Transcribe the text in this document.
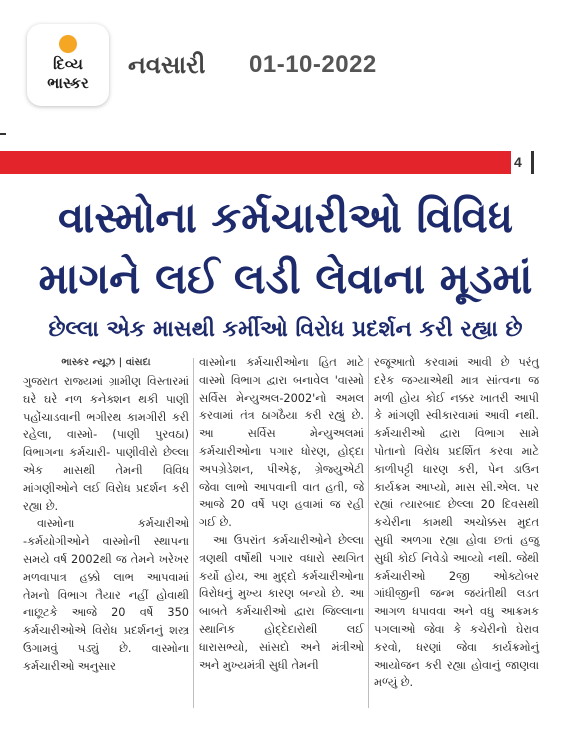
દિવ્ય
ભાસ્કર
નવસારી 01-10-2022
4
વાસ્મોના કર્મચારીઓ વિવિધ
માગને લઈ લડી લેવાના મૂડમાં
છેલ્લા એક માસથી કર્મીઓ વિરોધ પ્રદર્શન કરી રહ્યા છે

ભાસ્કર ન્યૂઝ | વાંસદા

ગુજરાત રાજ્યમાં ગ્રામીણ વિસ્તારમાં ઘરે ઘરે નળ કનેક્શન થકી પાણી પહોંચાડવાની ભગીરથ કામગીરી કરી રહેલા, વાસ્મો- (પાણી પુરવઠા) વિભાગના કર્મચારી- પાણીવીરો છેલ્લા એક માસથી તેમની વિવિધ માંગણીઓને લઈ વિરોધ પ્રદર્શન કરી રહ્યા છે.

વાસ્મોના કર્મચારીઓ -કર્મયોગીઓને વાસ્મોની સ્થાપના સમયે વર્ષ 2002થી જ તેમને ખરેખર મળવાપાત્ર હક્કો લાભ આપવામાં તેમનો વિભાગ તૈયાર નહીં હોવાથી નાછૂટકે આજે 20 વર્ષે 350 કર્મચારીઓએ વિરોધ પ્રદર્શનનું શસ્ત્ર ઉગામવું પડ્યું છે. વાસ્મોના કર્મચારીઓ અનુસાર

વાસ્મોના કર્મચારીઓના હિત માટે વાસ્મો વિભાગ દ્વારા બનાવેલ 'વાસ્મો સર્વિસ મેન્યુઅલ-2002'નો અમલ કરવામાં તંત્ર ઠાગઠૈયા કરી રહ્યું છે. આ સર્વિસ મેન્યુઅલમાં કર્મચારીઓના પગાર ધોરણ, હોદ્દા અપગ્રેડેશન, પીએફ, ગ્રેજ્યુએટી જેવા લાભો આપવાની વાત હતી, જે આજે 20 વર્ષે પણ હવામાં જ રહી ગઈ છે.

આ ઉપરાંત કર્મચારીઓને છેલ્લા ત્રણથી વર્ષોથી પગાર વધારો સ્થગિત કર્યો હોય, આ મુદ્દો કર્મચારીઓના વિરોધનું મુખ્ય કારણ બન્યો છે. આ બાબતે કર્મચારીઓ દ્વારા જિલ્લાના સ્થાનિક હોદ્દેદારોથી લઈ ધારાસભ્યો, સાંસદો અને મંત્રીઓ અને મુખ્યમંત્રી સુધી તેમની

રજૂઆતો કરવામાં આવી છે પરંતુ દરેક જગ્યાએથી માત્ર સાંત્વના જ મળી હોય કોઈ નક્કર ખાતરી આપી કે માંગણી સ્વીકારવામાં આવી નથી. કર્મચારીઓ દ્વારા વિભાગ સામે પોતાનો વિરોધ પ્રદર્શિત કરવા માટે કાળીપટ્ટી ધારણ કરી, પેન ડાઉન કાર્યક્રમ આપ્યો, માસ સી.એલ. પર રહ્યાં ત્યારબાદ છેલ્લા 20 દિવસથી કચેરીના કામથી અચોક્કસ મુદત સુધી અળગા રહ્યા હોવા છતાં હજુ સુધી કોઈ નિવેડો આવ્યો નથી. જેથી કર્મચારીઓ 2જી ઓક્ટોબર ગાંધીજીની જન્મ જયંતીથી લડત આગળ ધપાવવા અને વધુ આક્રમક પગલાઓ જેવા કે કચેરીનો ઘેરાવ કરવો, ધરણાં જેવા કાર્યક્રમોનું આયોજન કરી રહ્યા હોવાનું જાણવા મળ્યું છે.
